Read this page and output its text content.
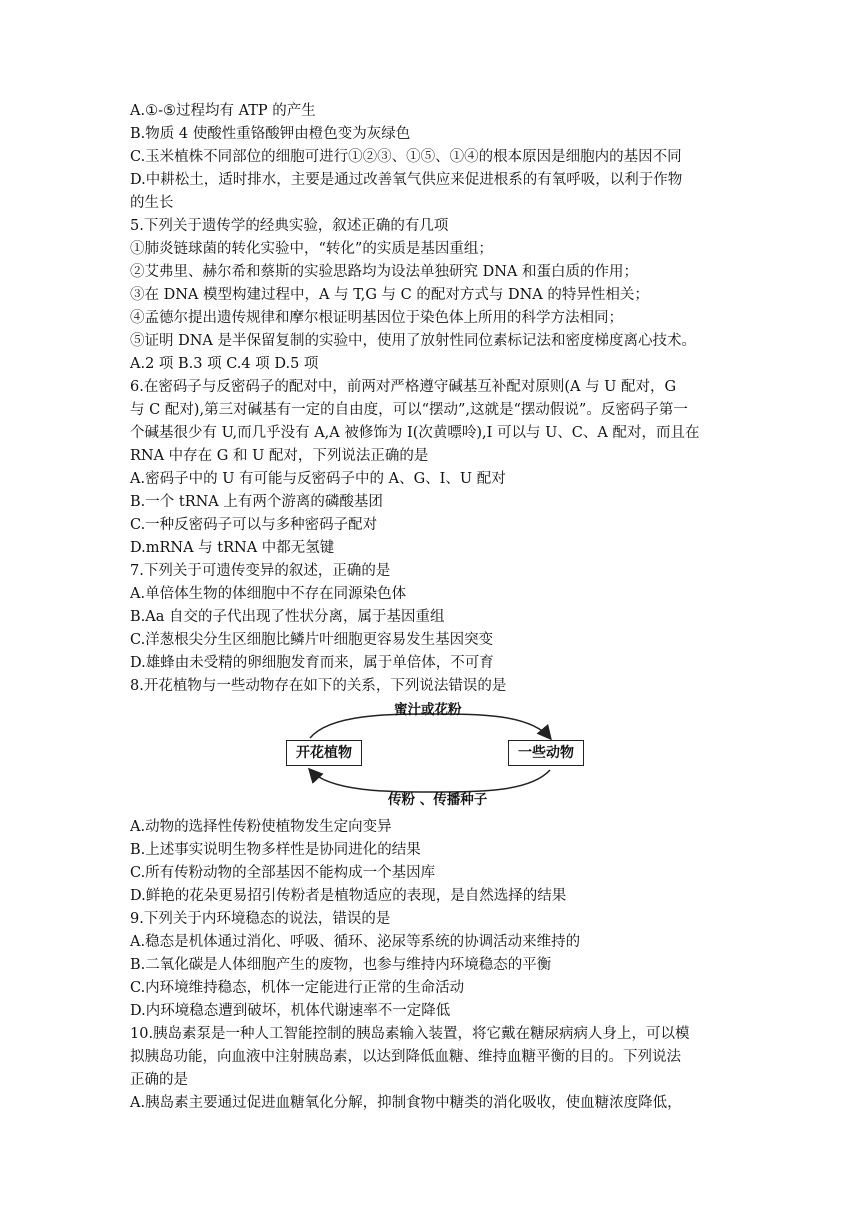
A.①-⑤过程均有 ATP 的产生
B.物质 4 使酸性重铬酸钾由橙色变为灰绿色
C.玉米植株不同部位的细胞可进行①②③、①⑤、①④的根本原因是细胞内的基因不同
D.中耕松土，适时排水，主要是通过改善氧气供应来促进根系的有氧呼吸，以利于作物
的生长
5.下列关于遗传学的经典实验，叙述正确的有几项
①肺炎链球菌的转化实验中，“转化”的实质是基因重组；
②艾弗里、赫尔希和蔡斯的实验思路均为设法单独研究 DNA 和蛋白质的作用；
③在 DNA 模型构建过程中，A 与 T,G 与 C 的配对方式与 DNA 的特异性相关；
④孟德尔提出遗传规律和摩尔根证明基因位于染色体上所用的科学方法相同；
⑤证明 DNA 是半保留复制的实验中，使用了放射性同位素标记法和密度梯度离心技术。
A.2 项 B.3 项 C.4 项 D.5 项
6.在密码子与反密码子的配对中，前两对严格遵守碱基互补配对原则(A 与 U 配对，G
与 C 配对),第三对碱基有一定的自由度，可以“摆动”,这就是“摆动假说”。反密码子第一
个碱基很少有 U,而几乎没有 A,A 被修饰为 I(次黄嘌呤),I 可以与 U、C、A 配对，而且在
RNA 中存在 G 和 U 配对，下列说法正确的是
A.密码子中的 U 有可能与反密码子中的 A、G、I、U 配对
B.一个 tRNA 上有两个游离的磷酸基团
C.一种反密码子可以与多种密码子配对
D.mRNA 与 tRNA 中都无氢键
7.下列关于可遗传变异的叙述，正确的是
A.单倍体生物的体细胞中不存在同源染色体
B.Aa 自交的子代出现了性状分离，属于基因重组
C.洋葱根尖分生区细胞比鳞片叶细胞更容易发生基因突变
D.雄蜂由未受精的卵细胞发育而来，属于单倍体，不可育
8.开花植物与一些动物存在如下的关系，下列说法错误的是
蜜汁或花粉
开花植物	一些动物
传粉 、传播种子
A.动物的选择性传粉使植物发生定向变异
B.上述事实说明生物多样性是协同进化的结果
C.所有传粉动物的全部基因不能构成一个基因库
D.鲜艳的花朵更易招引传粉者是植物适应的表现，是自然选择的结果
9.下列关于内环境稳态的说法，错误的是
A.稳态是机体通过消化、呼吸、循环、泌尿等系统的协调活动来维持的
B.二氧化碳是人体细胞产生的废物，也参与维持内环境稳态的平衡
C.内环境维持稳态，机体一定能进行正常的生命活动
D.内环境稳态遭到破坏，机体代谢速率不一定降低
10.胰岛素泵是一种人工智能控制的胰岛素输入装置，将它戴在糖尿病病人身上，可以模
拟胰岛功能，向血液中注射胰岛素，以达到降低血糖、维持血糖平衡的目的。下列说法
正确的是
A.胰岛素主要通过促进血糖氧化分解，抑制食物中糖类的消化吸收，使血糖浓度降低，
